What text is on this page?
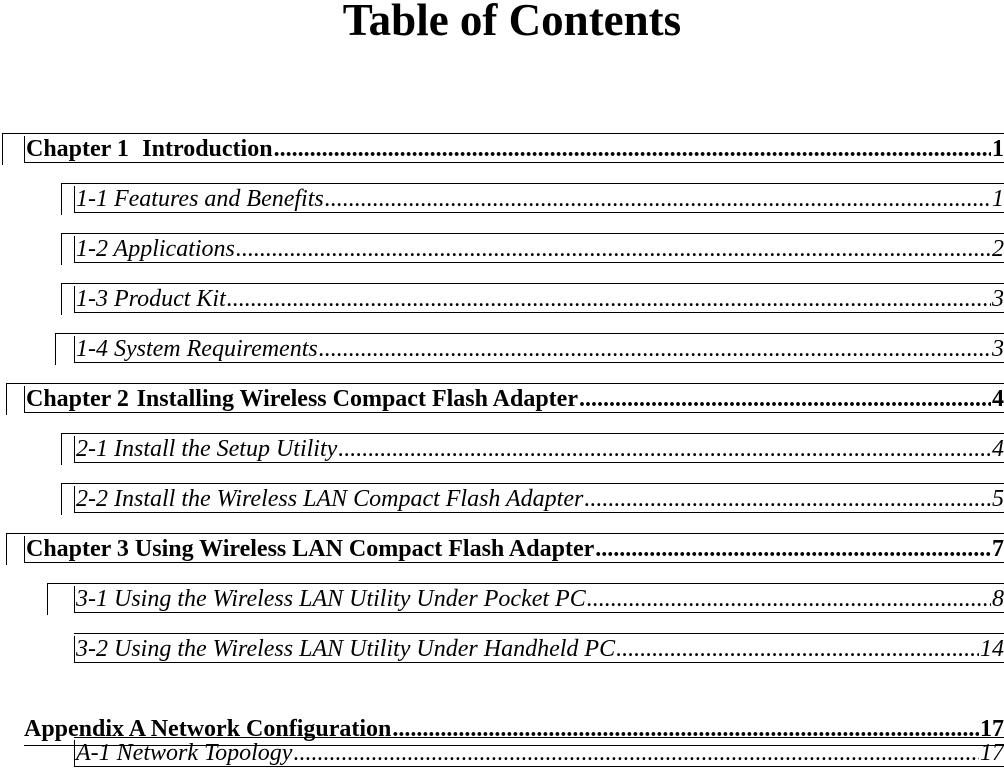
Table of Contents
Chapter 1 Introduction .....	1
1-1 Features and Benefits .....	1
1-2 Applications .....	2
1-3 Product Kit .....	3
1-4 System Requirements .....	3
Chapter 2 Installing Wireless Compact Flash Adapter .....	4
2-1 Install the Setup Utility .....	4
2-2 Install the Wireless LAN Compact Flash Adapter .....	5
Chapter 3 Using Wireless LAN Compact Flash Adapter .....	7
3-1 Using the Wireless LAN Utility Under Pocket PC .....	8
3-2 Using the Wireless LAN Utility Under Handheld PC .....	14
Appendix A Network Configuration .....	17
A-1 Network Topology .....	17
